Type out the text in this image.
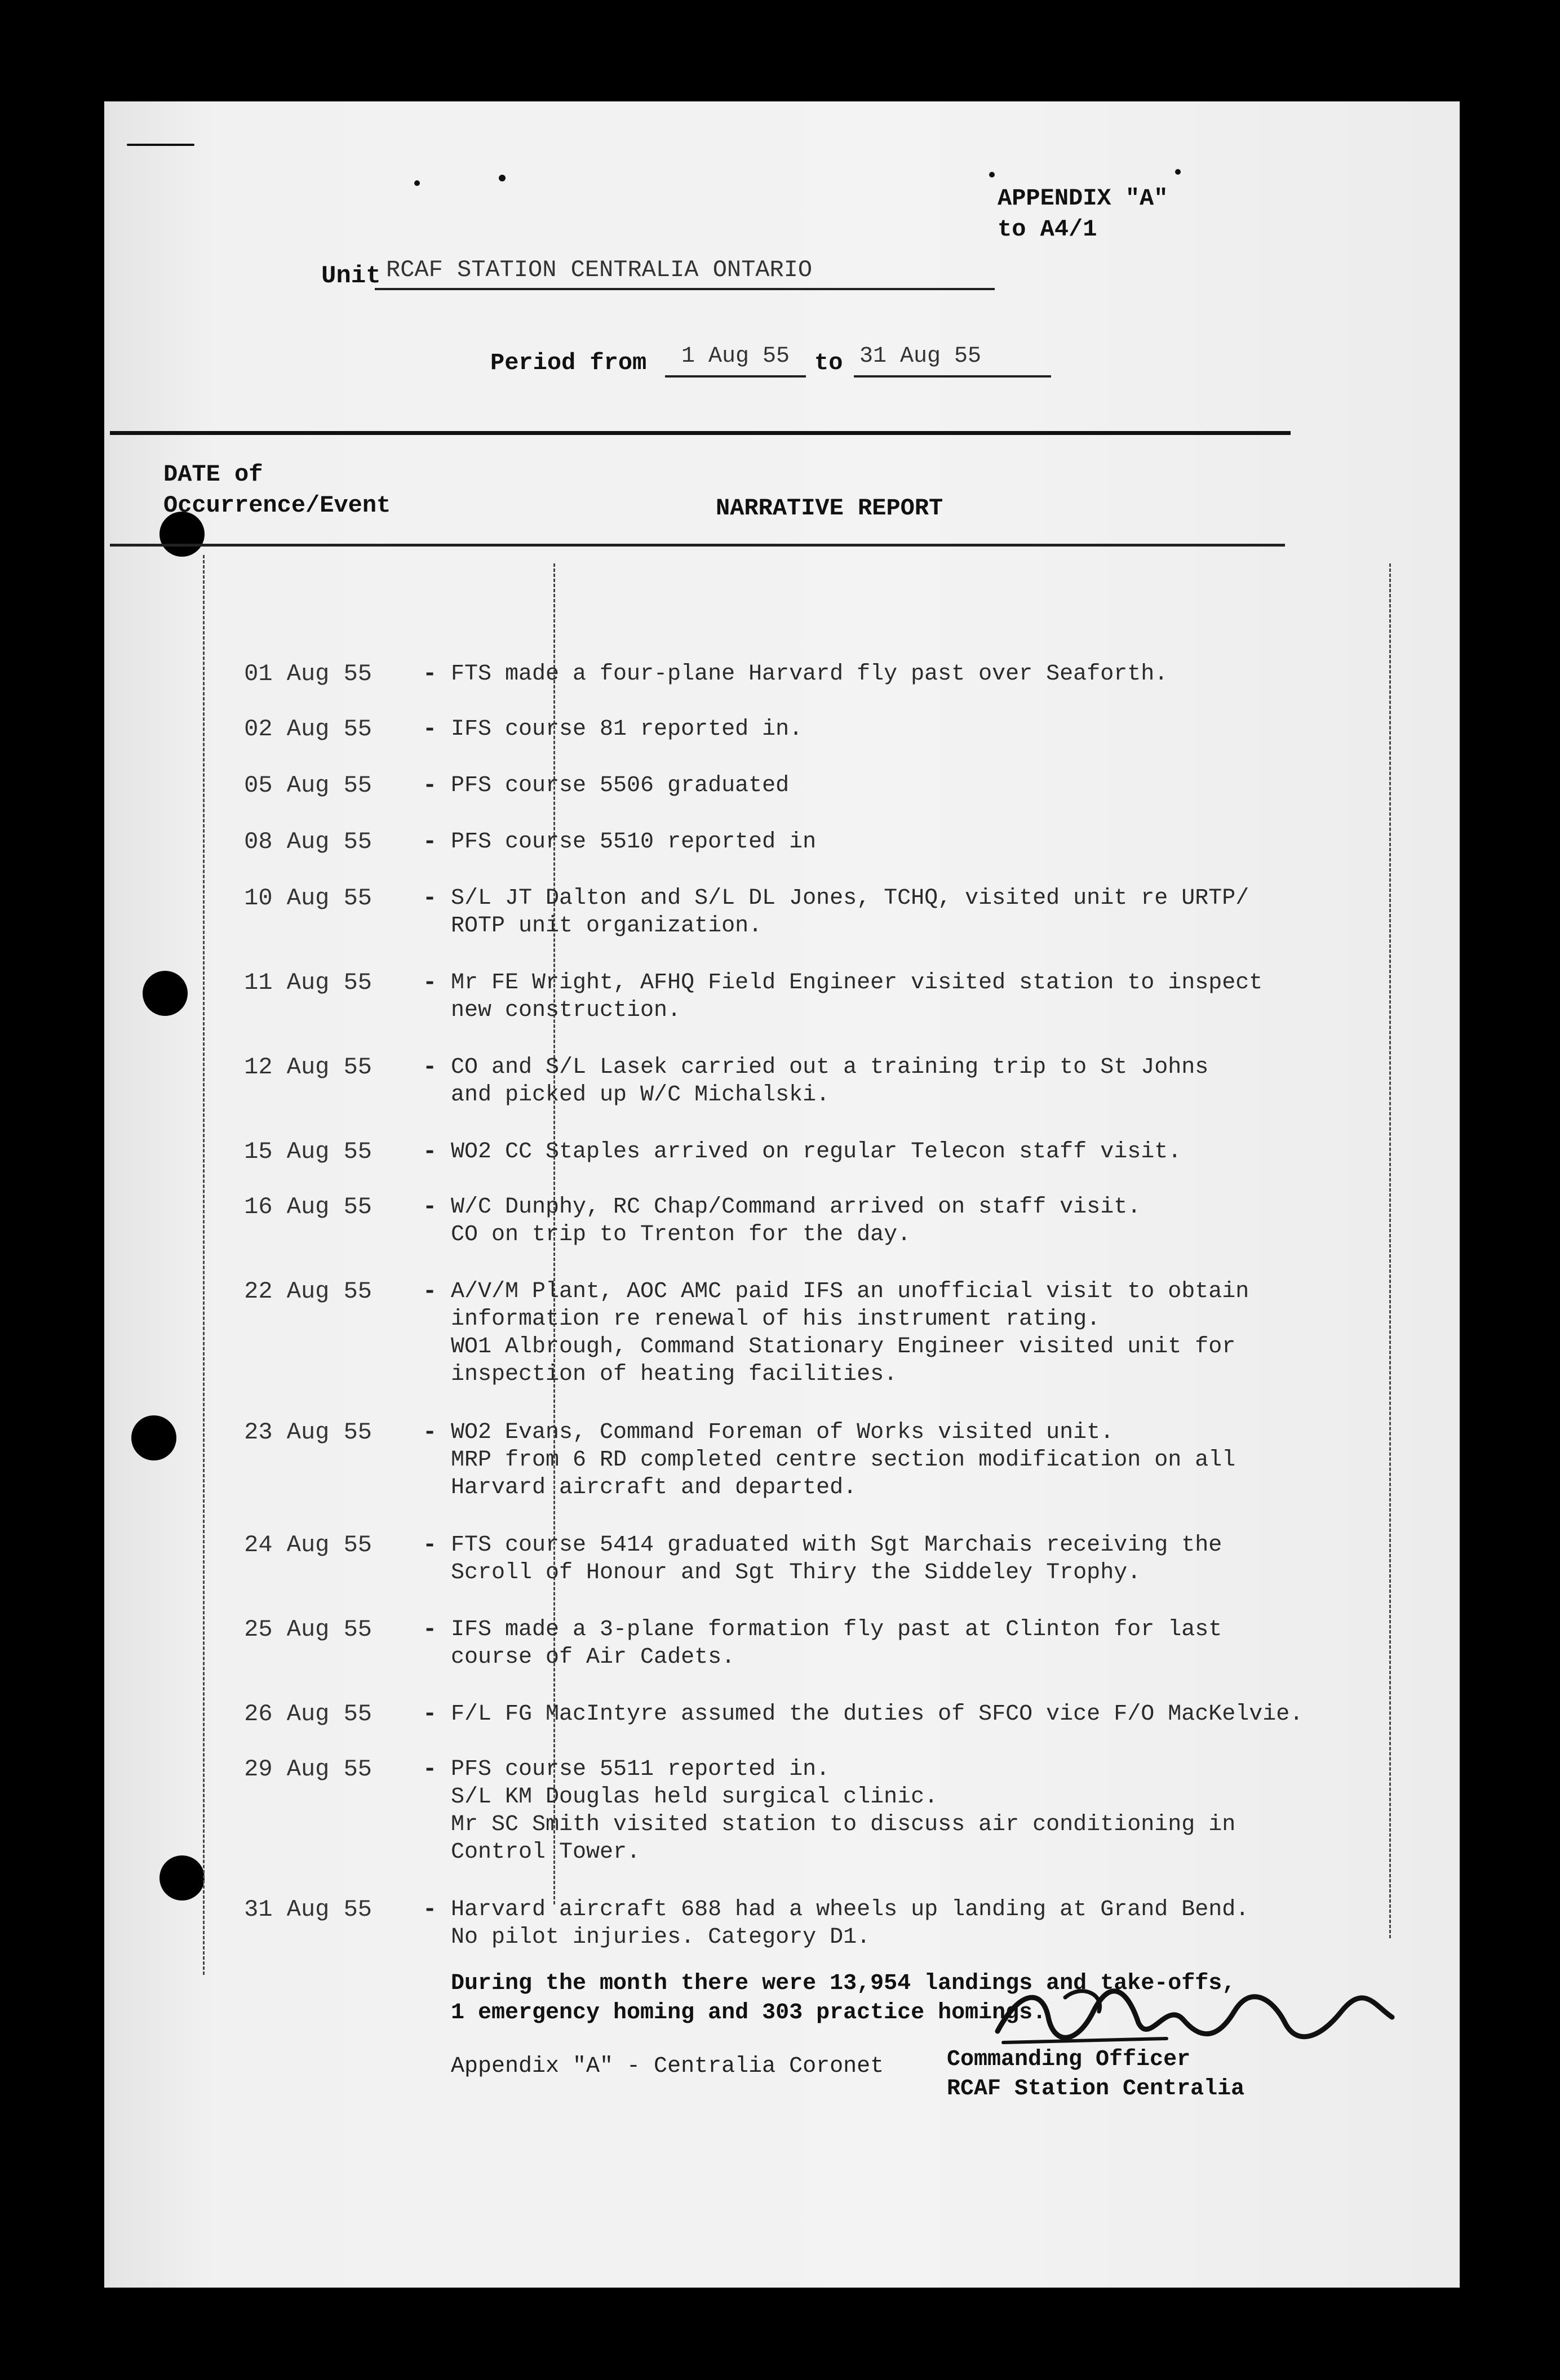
APPENDIX "A"
to A4/1
Unit RCAF STATION CENTRALIA ONTARIO
Period from	1 Aug 55	to 31 Aug 55
DATE of
Occurrence/Event	NARRATIVE REPORT
01 Aug 55 - FTS made a four-plane Harvard fly past over Seaforth.
02 Aug 55 - IFS course 81 reported in.
05 Aug 55 - PFS course 5506 graduated
08 Aug 55 - PFS course 5510 reported in
10 Aug 55 - S/L JT Dalton and S/L DL Jones, TCHQ, visited unit re URTP/
ROTP unit organization.
11 Aug 55 - Mr FE Wright, AFHQ Field Engineer visited station to inspect
new construction.
12 Aug 55 - CO and S/L Lasek carried out a training trip to St Johns
and picked up W/C Michalski.
15 Aug 55 - WO2 CC Staples arrived on regular Telecon staff visit.
16 Aug 55 - W/C Dunphy, RC Chap/Command arrived on staff visit.
CO on trip to Trenton for the day.
22 Aug 55 - A/V/M Plant, AOC AMC paid IFS an unofficial visit to obtain
information re renewal of his instrument rating.
WO1 Albrough, Command Stationary Engineer visited unit for
inspection of heating facilities.
23 Aug 55 - WO2 Evans, Command Foreman of Works visited unit.
MRP from 6 RD completed centre section modification on all
Harvard aircraft and departed.
24 Aug 55 - FTS course 5414 graduated with Sgt Marchais receiving the
Scroll of Honour and Sgt Thiry the Siddeley Trophy.
25 Aug 55 - IFS made a 3-plane formation fly past at Clinton for last
course of Air Cadets.
26 Aug 55 - F/L FG MacIntyre assumed the duties of SFCO vice F/O MacKelvie.
29 Aug 55 - PFS course 5511 reported in.
S/L KM Douglas held surgical clinic.
Mr SC Smith visited station to discuss air conditioning in
Control Tower.
31 Aug 55 - Harvard aircraft 688 had a wheels up landing at Grand Bend.
No pilot injuries. Category D1.
During the month there were 13,954 landings and take-offs,
1 emergency homing and 303 practice homings.
Appendix "A" - Centralia Coronet	Commanding Officer
RCAF Station Centralia
